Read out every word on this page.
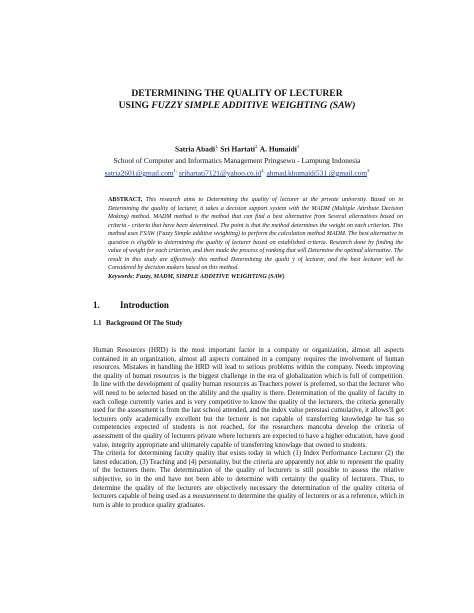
DETERMINING THE QUALITY OF LECTURER
USING FUZZY SIMPLE ADDITIVE WEIGHTING (SAW)
Satria Abadi$^{1,}$ Sri Hartati$^{2,}$ A. Humaidi$^3$
School of Computer and Informatics Management Pringsewu - Lampung Indonesia
satria2601@gmail.com$^{1,}$ $srihartati7121@yahoo.co.id^{2,}$ ahmad.khumaidi531 @gmail.com$^3$
ABSTRACT, This research aims to Determining the quality of lecturer at the private university. Based on in Determining the quality of lecturer, it takes a decision support system with the MADM (Multiple Attribute Decision Making) method. MADM method is the method that can find a best alternative from Several alternatives based on criteria - criteria that have been determined. The point is that the method determines the weight on each criterion. This method uses FSAW (Fuzzy Simple additive weighting) to perform the calculation method MADM. The best alternative in question is eligible to determining the quality of lecturer based on established criteria. Research done by finding the value of weight for each criterion, and then made the process of ranking that will Determine the optimal alternative. The result in this study are affectively this method Determining the qualit y of lecturer, and the best lecturer will be Considered by decision makers based on this method.
Keywords: Fuzzy, MADM, SIMPLE ADDITIVE WEIGHTING (SAW)
1. Introduction
1.1 Background Of The Study

Human Resources (HRD) is the most important factor in a company or organization, almost all aspects contained in an organization, almost all aspects contained in a company requires the involvement of human resources. Mistakes in handling the HRD will lead to serious problems within the company. Needs improving the quality of human resources is the biggest challenge in the era of globalization which is full of competition. In line with the development of quality human resources as Teachers power is preferred, so that the lecturer who will need to be selected based on the ability and the quality is there. Determination of the quality of faculty in each college currently varies and is very competitive to know the quality of the lecturers, the criteria generally used for the assessment is from the last school attended, and the index value perestasi cumulative, it allows'll get lecturers only academically excellent but the lecturer is not capable of transferring knowledge he has so competencies expected of students is not reached, for the researchers mancoba develop the criteria of assessment of the quality of lecturers private where lecturers are expected to have a higher education, have good value, integrity appropriate and ultimately capable of transferring knowlage that owned to students.

The criteria for determining faculty quality that exists today in which (1) Index Performance Lecturer (2) the latest education, (3) Teaching and (4) personality, but the criteria are apparently not able to represent the quality of the lecturers there. The determination of the quality of lecturers is still possible to assess the relative subjective, so in the end have not been able to determine with certainty the quality of lecturers. Thus, to determine the quality of the lecturers are objectively necessary the determination of the quality criteria of lecturers capable of being used as a measurement to determine the quality of lecturers or as a reference, which in turn is able to produce quality graduates.
